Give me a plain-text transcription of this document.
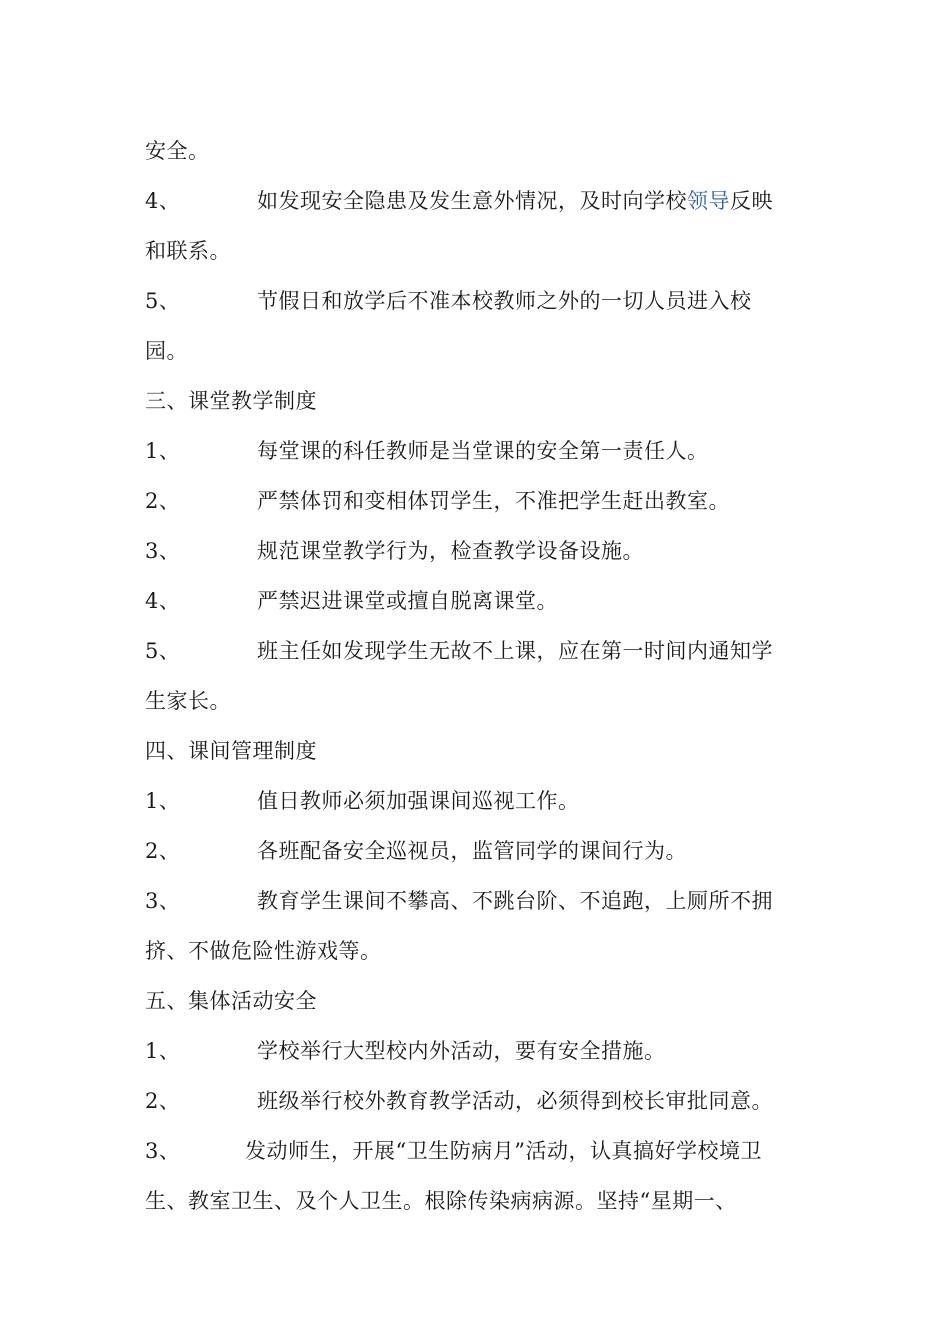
安全。
4、	如发现安全隐患及发生意外情况，及时向学校领导反映
和联系。
5、	节假日和放学后不准本校教师之外的一切人员进入校
园。
三、课堂教学制度
1、	每堂课的科任教师是当堂课的安全第一责任人。
2、	严禁体罚和变相体罚学生，不准把学生赶出教室。
3、	规范课堂教学行为，检查教学设备设施。
4、	严禁迟进课堂或擅自脱离课堂。
5、	班主任如发现学生无故不上课，应在第一时间内通知学
生家长。
四、课间管理制度
1、	值日教师必须加强课间巡视工作。
2、	各班配备安全巡视员，监管同学的课间行为。
3、	教育学生课间不攀高、不跳台阶、不追跑，上厕所不拥
挤、不做危险性游戏等。
五、集体活动安全
1、	学校举行大型校内外活动，要有安全措施。
2、	班级举行校外教育教学活动，必须得到校长审批同意。
3、	发动师生，开展“卫生防病月”活动，认真搞好学校境卫
生、教室卫生、及个人卫生。根除传染病病源。坚持“星期一、
